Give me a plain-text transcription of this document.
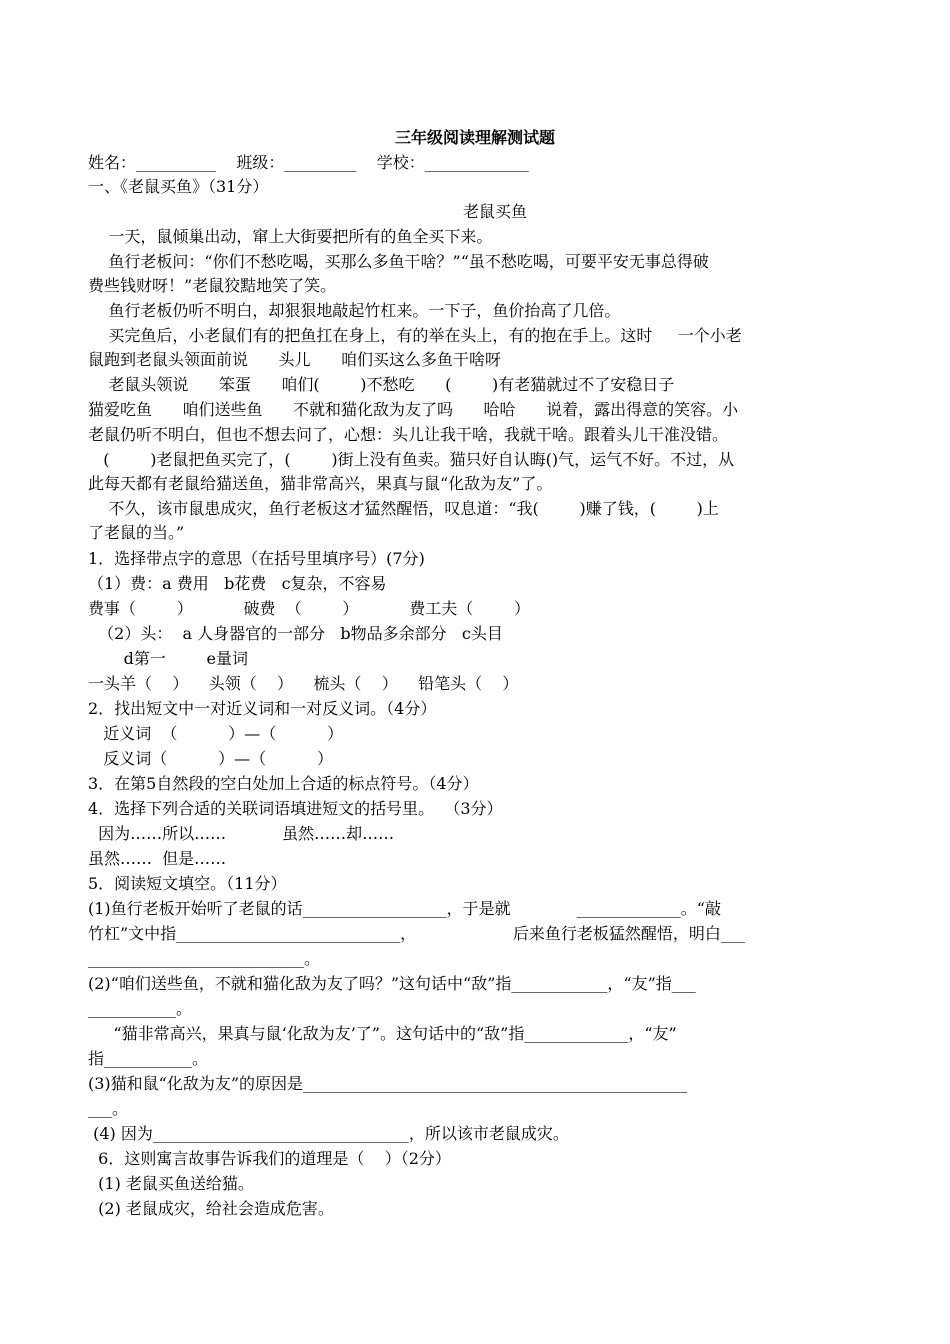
三年级阅读理解测试题
姓名：__________    班级：_________    学校：_____________
一、《老鼠买鱼》（31分）
老鼠买鱼
一天，鼠倾巢出动，窜上大街要把所有的鱼全买下来。
鱼行老板问：“你们不愁吃喝，买那么多鱼干啥？”“虽不愁吃喝，可要平安无事总得破
费些钱财呀！”老鼠狡黠地笑了笑。
鱼行老板仍听不明白，却狠狠地敲起竹杠来。一下子，鱼价抬高了几倍。
买完鱼后，小老鼠们有的把鱼扛在身上，有的举在头上，有的抱在手上。这时     一个小老
鼠跑到老鼠头领面前说      头儿      咱们买这么多鱼干啥呀
老鼠头领说      笨蛋      咱们(        )不愁吃      (        )有老猫就过不了安稳日子
猫爱吃鱼      咱们送些鱼      不就和猫化敌为友了吗      哈哈      说着，露出得意的笑容。小
老鼠仍听不明白，但也不想去问了，心想：头儿让我干啥，我就干啥。跟着头儿干准没错。
(        )老鼠把鱼买完了，(        )街上没有鱼卖。猫只好自认晦()气，运气不好。不过，从
此每天都有老鼠给猫送鱼，猫非常高兴，果真与鼠“化敌为友”了。
不久，该市鼠患成灾，鱼行老板这才猛然醒悟，叹息道：“我(        )赚了钱，(        )上
了老鼠的当。”
1．选择带点字的意思（在括号里填序号）(7分)
（1）费：a 费用   b花费   c复杂，不容易
费事（        ）          破费  （        ）          费工夫（        ）
（2）头：  a 人身器官的一部分   b物品多余部分   c头目
d第一        e量词
一头羊（    ）    头领（    ）    梳头（    ）    铅笔头（    ）
2．找出短文中一对近义词和一对反义词。（4分）
近义词  （          ）—（          ）
反义词（          ）—（          ）
3．在第5自然段的空白处加上合适的标点符号。（4分）
4．选择下列合适的关联词语填进短文的括号里。  （3分）
因为……所以……           虽然……却……
虽然……  但是……
5．阅读短文填空。（11分）
(1)鱼行老板开始听了老鼠的话__________________，于是就             _____________。“敲
竹杠”文中指____________________________，                   后来鱼行老板猛然醒悟，明白___
___________________________。
(2)“咱们送些鱼，不就和猫化敌为友了吗？”这句话中“敌”指____________，“友”指___
___________。
“猫非常高兴，果真与鼠‘化敌为友’了”。这句话中的“敌”指_____________，“友”
指___________。
(3)猫和鼠“化敌为友”的原因是________________________________________________
___。
(4) 因为________________________________，所以该市老鼠成灾。
6．这则寓言故事告诉我们的道理是（    ）（2分）
(1) 老鼠买鱼送给猫。
(2) 老鼠成灾，给社会造成危害。
